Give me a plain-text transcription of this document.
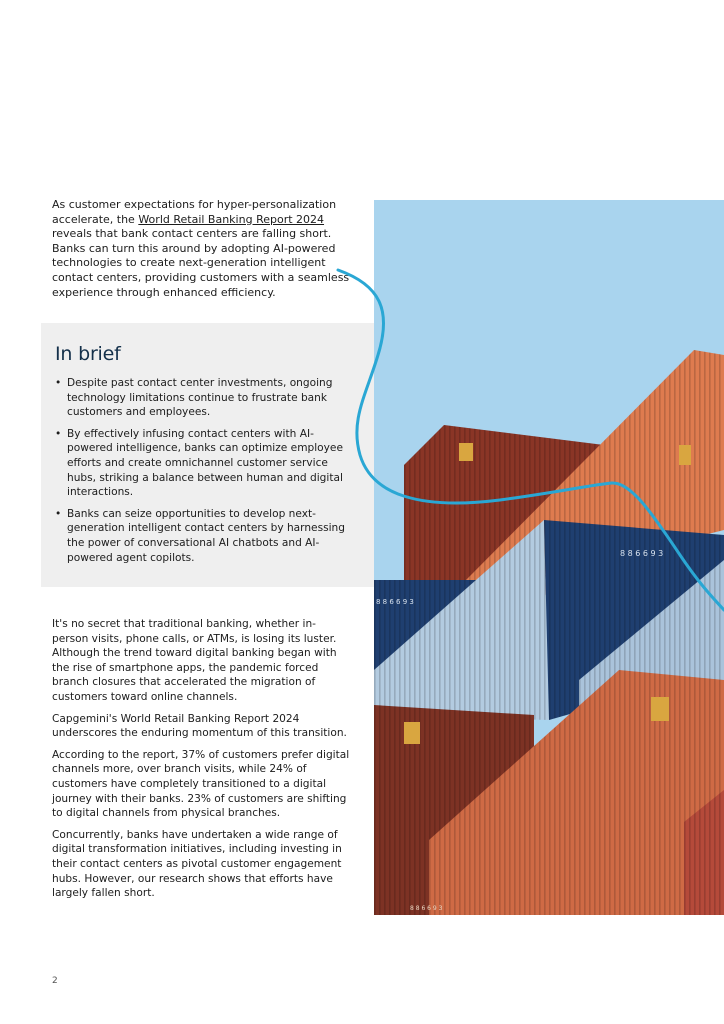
As customer expectations for hyper-personalization accelerate, the World Retail Banking Report 2024 reveals that bank contact centers are falling short. Banks can turn this around by adopting AI-powered technologies to create next-generation intelligent contact centers, providing customers with a seamless experience through enhanced efficiency.

In brief
• Despite past contact center investments, ongoing technology limitations continue to frustrate bank customers and employees.
• By effectively infusing contact centers with AI-powered intelligence, banks can optimize employee efforts and create omnichannel customer service hubs, striking a balance between human and digital interactions.
• Banks can seize opportunities to develop next-generation intelligent contact centers by harnessing the power of conversational AI chatbots and AI-powered agent copilots.

It's no secret that traditional banking, whether in-person visits, phone calls, or ATMs, is losing its luster. Although the trend toward digital banking began with the rise of smartphone apps, the pandemic forced branch closures that accelerated the migration of customers toward online channels.

Capgemini's World Retail Banking Report 2024 underscores the enduring momentum of this transition.

According to the report, 37% of customers prefer digital channels more, over branch visits, while 24% of customers have completely transitioned to a digital journey with their banks. 23% of customers are shifting to digital channels from physical branches.

Concurrently, banks have undertaken a wide range of digital transformation initiatives, including investing in their contact centers as pivotal customer engagement hubs. However, our research shows that efforts have largely fallen short.

2
8 8 6 6 9 3
8 8 6 6 9 3
8 8 6 6 9 3
